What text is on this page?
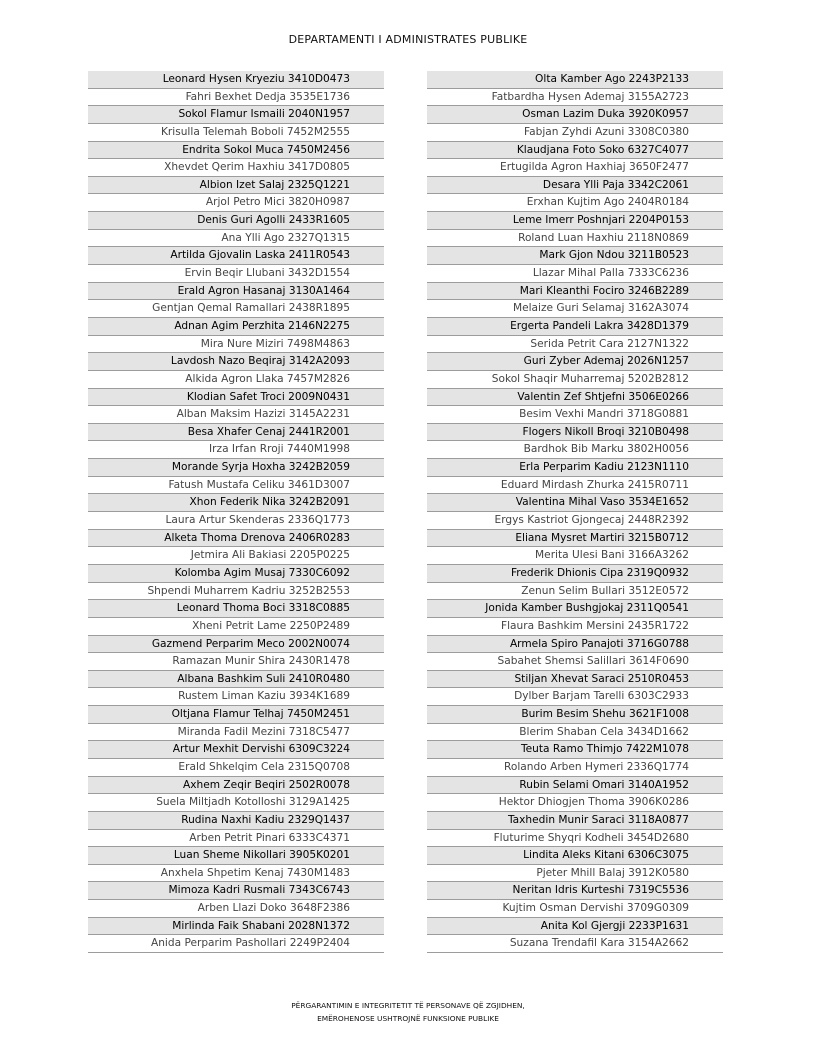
DEPARTAMENTI I ADMINISTRATES PUBLIKE
Leonard Hysen Kryeziu 3410D0473
Fahri Bexhet Dedja 3535E1736
Sokol Flamur Ismaili 2040N1957
Krisulla Telemah Boboli 7452M2555
Endrita Sokol Muca 7450M2456
Xhevdet Qerim Haxhiu 3417D0805
Albion Izet Salaj 2325Q1221
Arjol Petro Mici 3820H0987
Denis Guri Agolli 2433R1605
Ana Ylli Ago 2327Q1315
Artilda Gjovalin Laska 2411R0543
Ervin Beqir Llubani 3432D1554
Erald Agron Hasanaj 3130A1464
Gentjan Qemal Ramallari 2438R1895
Adnan Agim Perzhita 2146N2275
Mira Nure Miziri 7498M4863
Lavdosh Nazo Beqiraj 3142A2093
Alkida Agron Llaka 7457M2826
Klodian Safet Troci 2009N0431
Alban Maksim Hazizi 3145A2231
Besa Xhafer Cenaj 2441R2001
Irza Irfan Rroji 7440M1998
Morande Syrja Hoxha 3242B2059
Fatush Mustafa Celiku 3461D3007
Xhon Federik Nika 3242B2091
Laura Artur Skenderas 2336Q1773
Alketa Thoma Drenova 2406R0283
Jetmira Ali Bakiasi 2205P0225
Kolomba Agim Musaj 7330C6092
Shpendi Muharrem Kadriu 3252B2553
Leonard Thoma Boci 3318C0885
Xheni Petrit Lame 2250P2489
Gazmend Perparim Meco 2002N0074
Ramazan Munir Shira 2430R1478
Albana Bashkim Suli 2410R0480
Rustem Liman Kaziu 3934K1689
Oltjana Flamur Telhaj 7450M2451
Miranda Fadil Mezini 7318C5477
Artur Mexhit Dervishi 6309C3224
Erald Shkelqim Cela 2315Q0708
Axhem Zeqir Beqiri 2502R0078
Suela Miltjadh Kotolloshi 3129A1425
Rudina Naxhi Kadiu 2329Q1437
Arben Petrit Pinari 6333C4371
Luan Sheme Nikollari 3905K0201
Anxhela Shpetim Kenaj 7430M1483
Mimoza Kadri Rusmali 7343C6743
Arben Llazi Doko 3648F2386
Mirlinda Faik Shabani 2028N1372
Anida Perparim Pashollari 2249P2404
Olta Kamber Ago 2243P2133
Fatbardha Hysen Ademaj 3155A2723
Osman Lazim Duka 3920K0957
Fabjan Zyhdi Azuni 3308C0380
Klaudjana Foto Soko 6327C4077
Ertugilda Agron Haxhiaj 3650F2477
Desara Ylli Paja 3342C2061
Erxhan Kujtim Ago 2404R0184
Leme Imerr Poshnjari 2204P0153
Roland Luan Haxhiu 2118N0869
Mark Gjon Ndou 3211B0523
Llazar Mihal Palla 7333C6236
Mari Kleanthi Fociro 3246B2289
Melaize Guri Selamaj 3162A3074
Ergerta Pandeli Lakra 3428D1379
Serida Petrit Cara 2127N1322
Guri Zyber Ademaj 2026N1257
Sokol Shaqir Muharremaj 5202B2812
Valentin Zef Shtjefni 3506E0266
Besim Vexhi Mandri 3718G0881
Flogers Nikoll Broqi 3210B0498
Bardhok Bib Marku 3802H0056
Erla Perparim Kadiu 2123N1110
Eduard Mirdash Zhurka 2415R0711
Valentina Mihal Vaso 3534E1652
Ergys Kastriot Gjongecaj 2448R2392
Eliana Mysret Martiri 3215B0712
Merita Ulesi Bani 3166A3262
Frederik Dhionis Cipa 2319Q0932
Zenun Selim Bullari 3512E0572
Jonida Kamber Bushgjokaj 2311Q0541
Flaura Bashkim Mersini 2435R1722
Armela Spiro Panajoti 3716G0788
Sabahet Shemsi Salillari 3614F0690
Stiljan Xhevat Saraci 2510R0453
Dylber Barjam Tarelli 6303C2933
Burim Besim Shehu 3621F1008
Blerim Shaban Cela 3434D1662
Teuta Ramo Thimjo 7422M1078
Rolando Arben Hymeri 2336Q1774
Rubin Selami Omari 3140A1952
Hektor Dhiogjen Thoma 3906K0286
Taxhedin Munir Saraci 3118A0877
Fluturime Shyqri Kodheli 3454D2680
Lindita Aleks Kitani 6306C3075
Pjeter Mhill Balaj 3912K0580
Neritan Idris Kurteshi 7319C5536
Kujtim Osman Dervishi 3709G0309
Anita Kol Gjergji 2233P1631
Suzana Trendafil Kara 3154A2662
PËRGARANTIMIN E INTEGRITETIT TË PERSONAVE QË ZGJIDHEN,
EMËROHENOSE USHTROJNË FUNKSIONE PUBLIKE
